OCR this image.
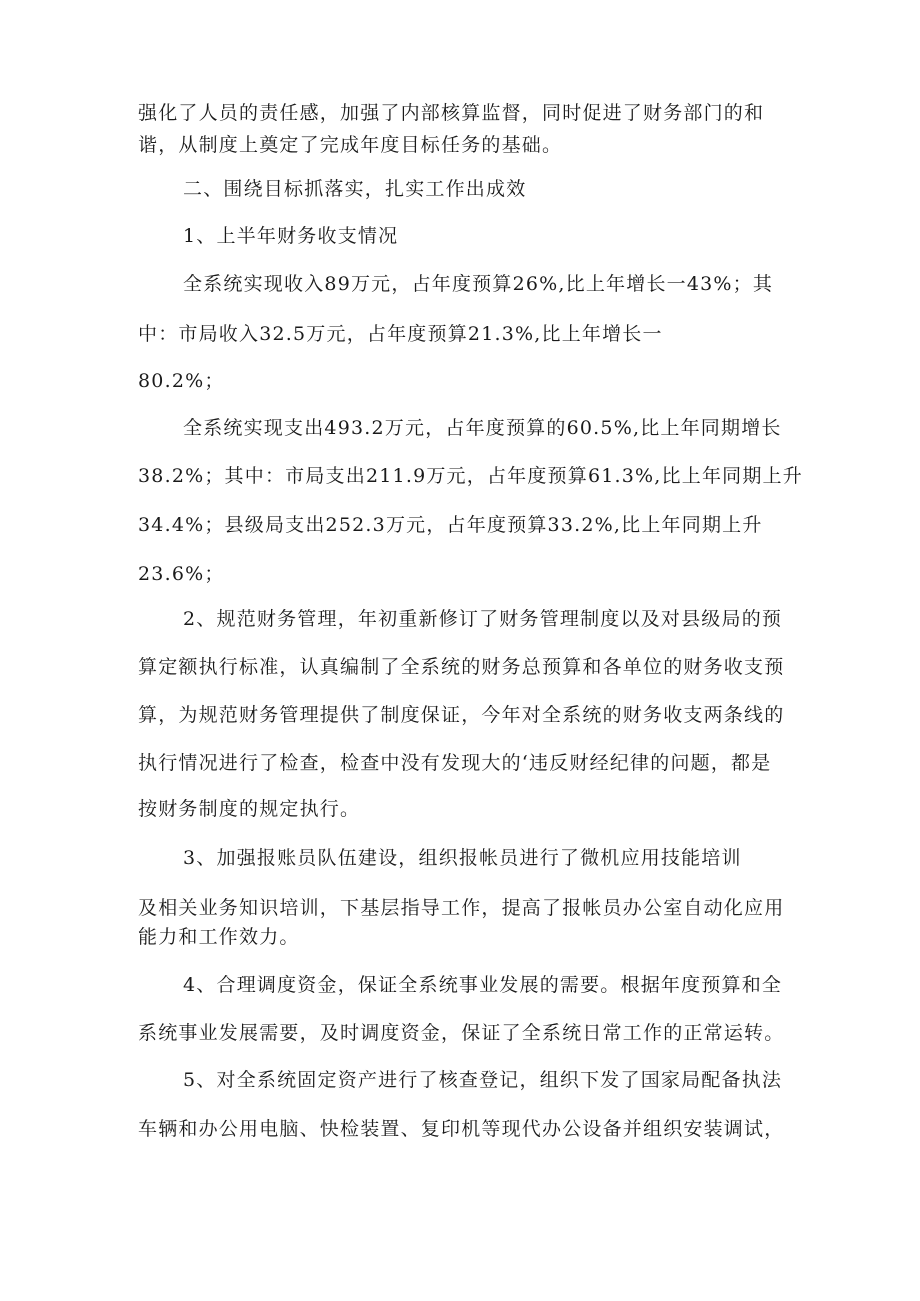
强化了人员的责任感，加强了内部核算监督，同时促进了财务部门的和
谐，从制度上奠定了完成年度目标任务的基础。
二、围绕目标抓落实，扎实工作出成效
1、上半年财务收支情况
全系统实现收入89万元，占年度预算26%,比上年增长一43%；其
中：市局收入32.5万元，占年度预算21.3%,比上年增长一
80.2%；
全系统实现支出493.2万元，占年度预算的60.5%,比上年同期增长
38.2%；其中：市局支出211.9万元，占年度预算61.3%,比上年同期上升
34.4%；县级局支出252.3万元，占年度预算33.2%,比上年同期上升
23.6%；
2、规范财务管理，年初重新修订了财务管理制度以及对县级局的预
算定额执行标准，认真编制了全系统的财务总预算和各单位的财务收支预
算，为规范财务管理提供了制度保证，今年对全系统的财务收支两条线的
执行情况进行了检查，检查中没有发现大的‘违反财经纪律的问题，都是
按财务制度的规定执行。
3、加强报账员队伍建设，组织报帐员进行了微机应用技能培训
及相关业务知识培训，下基层指导工作，提高了报帐员办公室自动化应用
能力和工作效力。
4、合理调度资金，保证全系统事业发展的需要。根据年度预算和全
系统事业发展需要，及时调度资金，保证了全系统日常工作的正常运转。
5、对全系统固定资产进行了核查登记，组织下发了国家局配备执法
车辆和办公用电脑、快检装置、复印机等现代办公设备并组织安装调试，
